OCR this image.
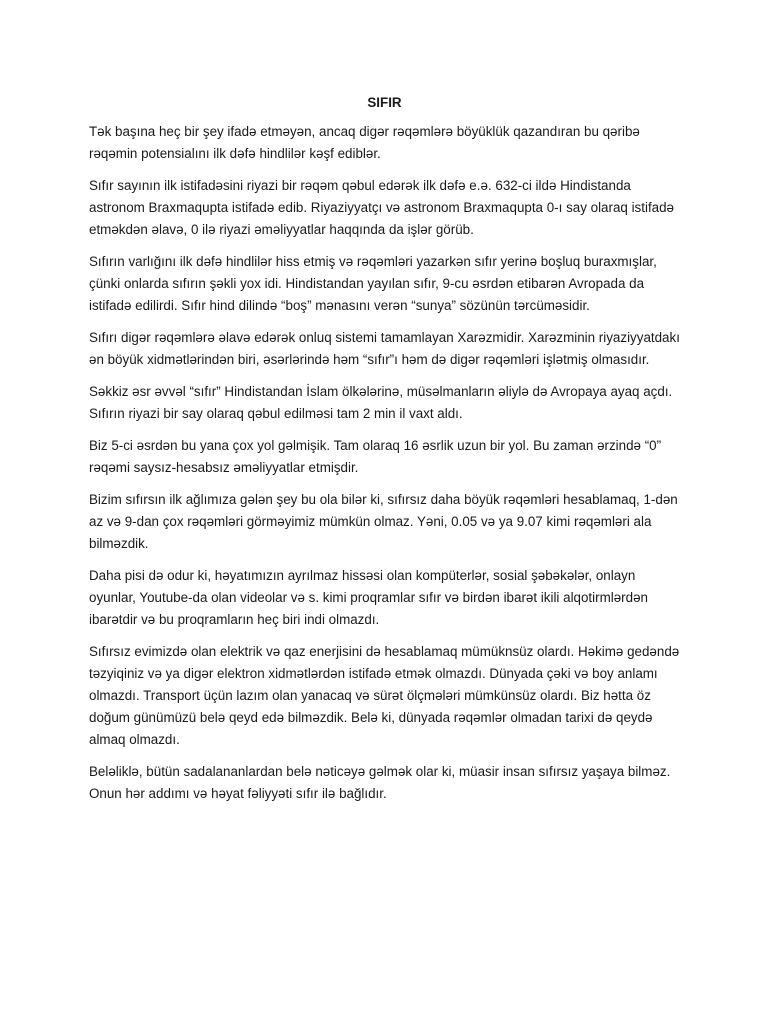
SIFIR

Tək başına heç bir şey ifadə etməyən, ancaq digər rəqəmlərə böyüklük qazandıran bu qəribə rəqəmin potensialını ilk dəfə hindlilər kəşf ediblər.

Sıfır sayının ilk istifadəsini riyazi bir rəqəm qəbul edərək ilk dəfə e.ə. 632-ci ildə Hindistanda astronom Braxmaqupta istifadə edib. Riyaziyyatçı və astronom Braxmaqupta 0-ı say olaraq istifadə etməkdən əlavə, 0 ilə riyazi əməliyyatlar haqqında da işlər görüb.

Sıfırın varlığını ilk dəfə hindlilər hiss etmiş və rəqəmləri yazarkən sıfır yerinə boşluq buraxmışlar, çünki onlarda sıfırın şəkli yox idi. Hindistandan yayılan sıfır, 9-cu əsrdən etibarən Avropada da istifadə edilirdi. Sıfır hind dilində “boş” mənasını verən “sunya” sözünün tərcüməsidir.

Sıfırı digər rəqəmlərə əlavə edərək onluq sistemi tamamlayan Xarəzmidir. Xarəzminin riyaziyyatdakı ən böyük xidmətlərindən biri, əsərlərində həm “sıfır”ı həm də digər rəqəmləri işlətmiş olmasıdır.

Səkkiz əsr əvvəl “sıfır” Hindistandan İslam ölkələrinə, müsəlmanların əliylə də Avropaya ayaq açdı. Sıfırın riyazi bir say olaraq qəbul edilməsi tam 2 min il vaxt aldı.

Biz 5-ci əsrdən bu yana çox yol gəlmişik. Tam olaraq 16 əsrlik uzun bir yol. Bu zaman ərzində “0” rəqəmi saysız-hesabsız əməliyyatlar etmişdir.

Bizim sıfırsın ilk ağlımıza gələn şey bu ola bilər ki, sıfırsız daha böyük rəqəmləri hesablamaq, 1-dən az və 9-dan çox rəqəmləri görməyimiz mümkün olmaz. Yəni, 0.05 və ya 9.07 kimi rəqəmləri ala bilməzdik.

Daha pisi də odur ki, həyatımızın ayrılmaz hissəsi olan kompüterlər, sosial şəbəkələr, onlayn oyunlar, Youtube-da olan videolar və s. kimi proqramlar sıfır və birdən ibarət ikili alqotirmlərdən ibarətdir və bu proqramların heç biri indi olmazdı.

Sıfırsız evimizdə olan elektrik və qaz enerjisini də hesablamaq mümüknsüz olardı. Həkimə gedəndə təzyiqiniz və ya digər elektron xidmətlərdən istifadə etmək olmazdı. Dünyada çəki və boy anlamı olmazdı. Transport üçün lazım olan yanacaq və sürət ölçmələri mümkünsüz olardı. Biz hətta öz doğum günümüzü belə qeyd edə bilməzdik. Belə ki, dünyada rəqəmlər olmadan tarixi də qeydə almaq olmazdı.

Beləliklə, bütün sadalananlardan belə nəticəyə gəlmək olar ki, müasir insan sıfırsız yaşaya bilməz. Onun hər addımı və həyat fəliyyəti sıfır ilə bağlıdır.
